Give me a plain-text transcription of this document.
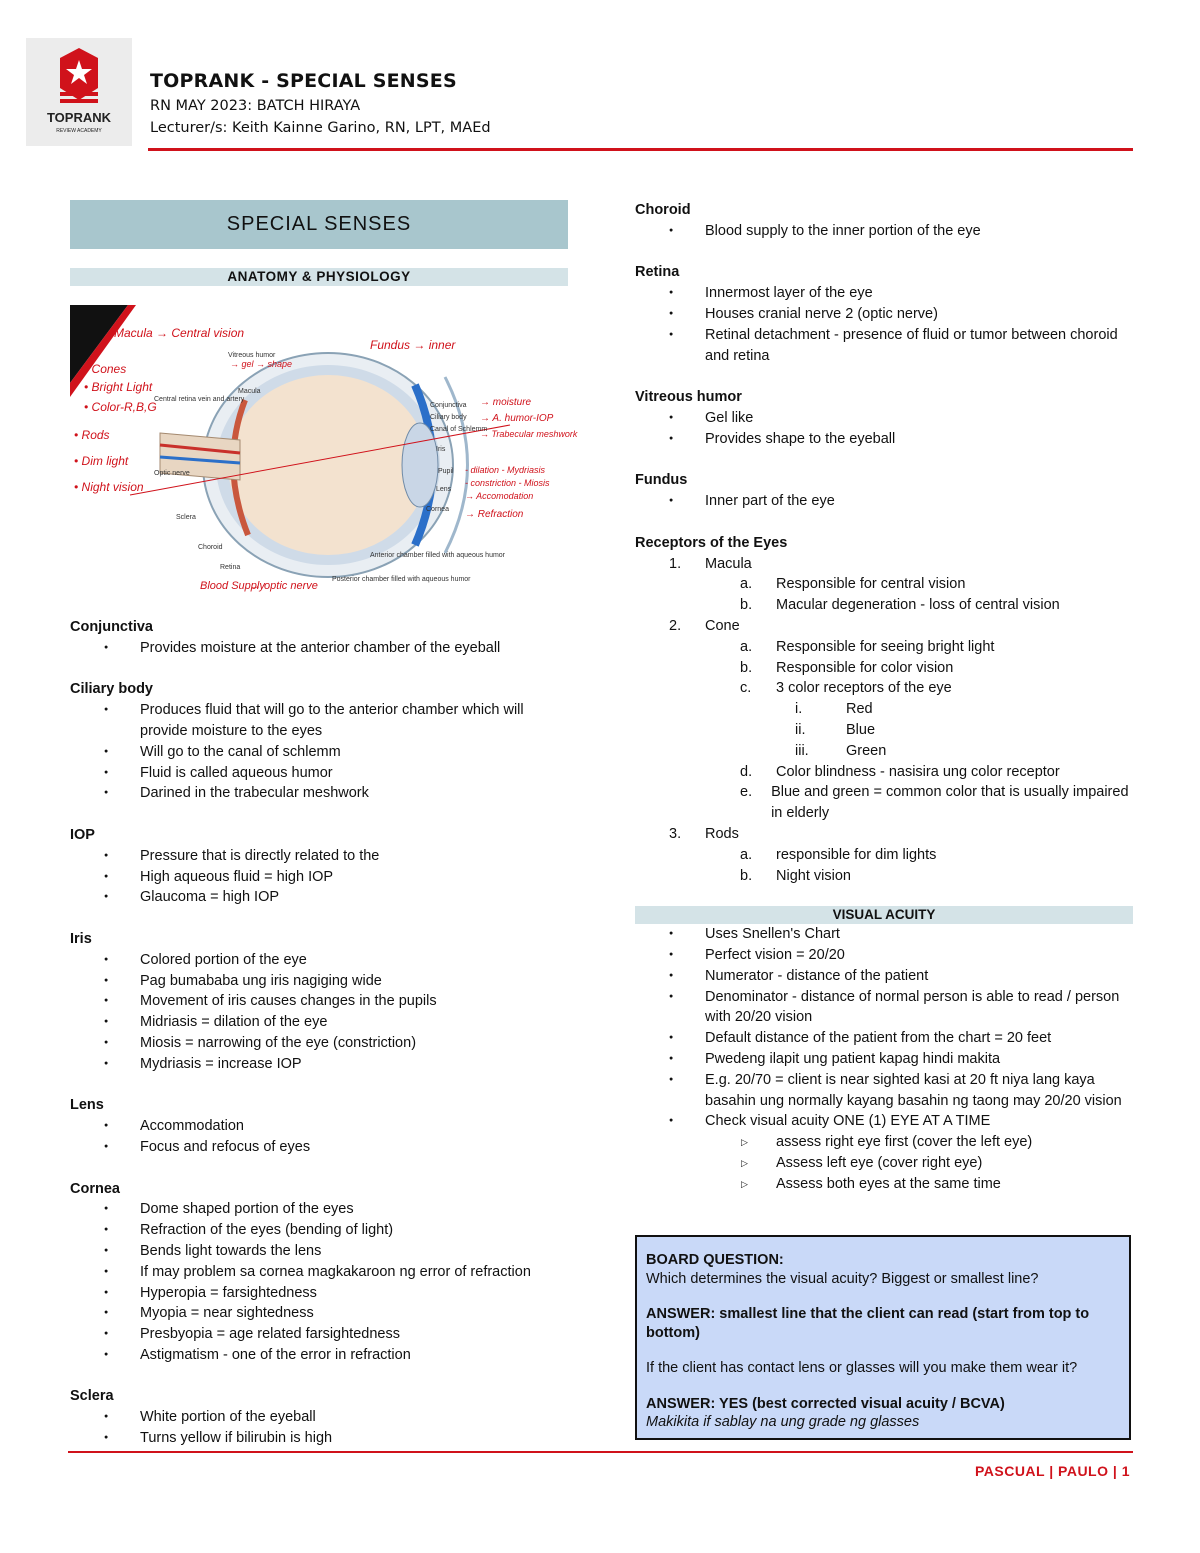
TOPRANK
REVIEW ACADEMY
TOPRANK - SPECIAL SENSES
RN MAY 2023: BATCH HIRAYA
Lecturer/s: Keith Kainne Garino, RN, LPT, MAEd
SPECIAL SENSES
ANATOMY & PHYSIOLOGY
Macula → Central vision
• Cones
• Bright Light
• Color-R,B,G
• Rods
• Dim light
• Night vision
Fundus → inner
→ moisture
→ A. humor-IOP
→ Trabecular meshwork
- dilation - Mydriasis
- constriction - Miosis
→ Accomodation
→ Refraction
Blood Supply
→ optic nerve
Vitreous humor
→ gel → shape
Macula
Central retina vein and artery
Optic nerve
Sclera
Choroid
Retina
Conjunctiva
Ciliary body
Canal of Schlemm
Iris
Pupil
Lens
Cornea
Anterior chamber filled with aqueous humor
Posterior chamber filled with aqueous humor
Conjunctiva
● Provides moisture at the anterior chamber of the eyeball
Ciliary body
● Produces fluid that will go to the anterior chamber which will provide moisture to the eyes
● Will go to the canal of schlemm
● Fluid is called aqueous humor
● Darined in the trabecular meshwork
IOP
● Pressure that is directly related to the
● High aqueous fluid = high IOP
● Glaucoma = high IOP
Iris
● Colored portion of the eye
● Pag bumababa ung iris nagiging wide
● Movement of iris causes changes in the pupils
● Midriasis = dilation of the eye
● Miosis = narrowing of the eye (constriction)
● Mydriasis = increase IOP
Lens
● Accommodation
● Focus and refocus of eyes
Cornea
● Dome shaped portion of the eyes
● Refraction of the eyes (bending of light)
● Bends light towards the lens
● If may problem sa cornea magkakaroon ng error of refraction
● Hyperopia = farsightedness
● Myopia = near sightedness
● Presbyopia = age related farsightedness
● Astigmatism - one of the error in refraction
Sclera
● White portion of the eyeball
● Turns yellow if bilirubin is high
Choroid
● Blood supply to the inner portion of the eye
Retina
● Innermost layer of the eye
● Houses cranial nerve 2 (optic nerve)
● Retinal detachment - presence of fluid or tumor between choroid and retina
Vitreous humor
● Gel like
● Provides shape to the eyeball
Fundus
● Inner part of the eye
Receptors of the Eyes
1.	Macula
a.	Responsible for central vision
b.	Macular degeneration - loss of central vision
2.	Cone
a.	Responsible for seeing bright light
b.	Responsible for color vision
c.	3 color receptors of the eye
i.	Red
ii.	Blue
iii.	Green
d.	Color blindness - nasisira ung color receptor
e.	Blue and green = common color that is usually impaired in elderly
3.	Rods
a.	responsible for dim lights
b.	Night vision
VISUAL ACUITY
● Uses Snellen's Chart
● Perfect vision = 20/20
● Numerator - distance of the patient
● Denominator - distance of normal person is able to read / person with 20/20 vision
● Default distance of the patient from the chart = 20 feet
● Pwedeng ilapit ung patient kapag hindi makita
● E.g. 20/70 = client is near sighted kasi at 20 ft niya lang kaya basahin ung normally kayang basahin ng taong may 20/20 vision
● Check visual acuity ONE (1) EYE AT A TIME
▷ assess right eye first (cover the left eye)
▷ Assess left eye (cover right eye)
▷ Assess both eyes at the same time

BOARD QUESTION:

Which determines the visual acuity? Biggest or smallest line?

ANSWER: smallest line that the client can read (start from top to bottom)

If the client has contact lens or glasses will you make them wear it?

ANSWER: YES (best corrected visual acuity / BCVA)

Makikita if sablay na ung grade ng glasses

PASCUAL | PAULO | 1
